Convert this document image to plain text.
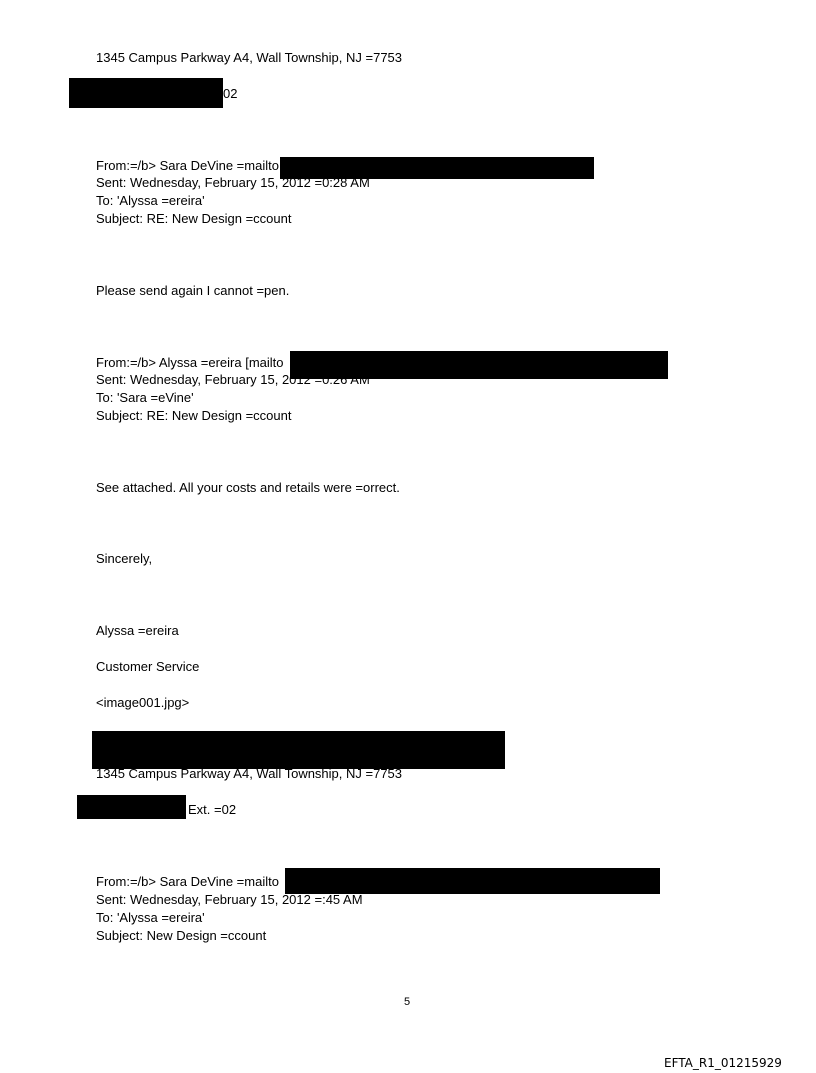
1345 Campus Parkway A4, Wall Township, NJ =7753
02
From:=/b> Sara DeVine =mailto
Sent: Wednesday, February 15, 2012 =0:28 AM
To: 'Alyssa =ereira'
Subject: RE: New Design =ccount
Please send again I cannot =pen.
From:=/b> Alyssa =ereira [mailto
Sent: Wednesday, February 15, 2012 =0:26 AM
To: 'Sara =eVine'
Subject: RE: New Design =ccount
See attached. All your costs and retails were =orrect.
Sincerely,
Alyssa =ereira
Customer Service
<image001.jpg>
1345 Campus Parkway A4, Wall Township, NJ =7753
Ext. =02
From:=/b> Sara DeVine =mailto
Sent: Wednesday, February 15, 2012 =:45 AM
To: 'Alyssa =ereira'
Subject: New Design =ccount
5
EFTA_R1_01215929
